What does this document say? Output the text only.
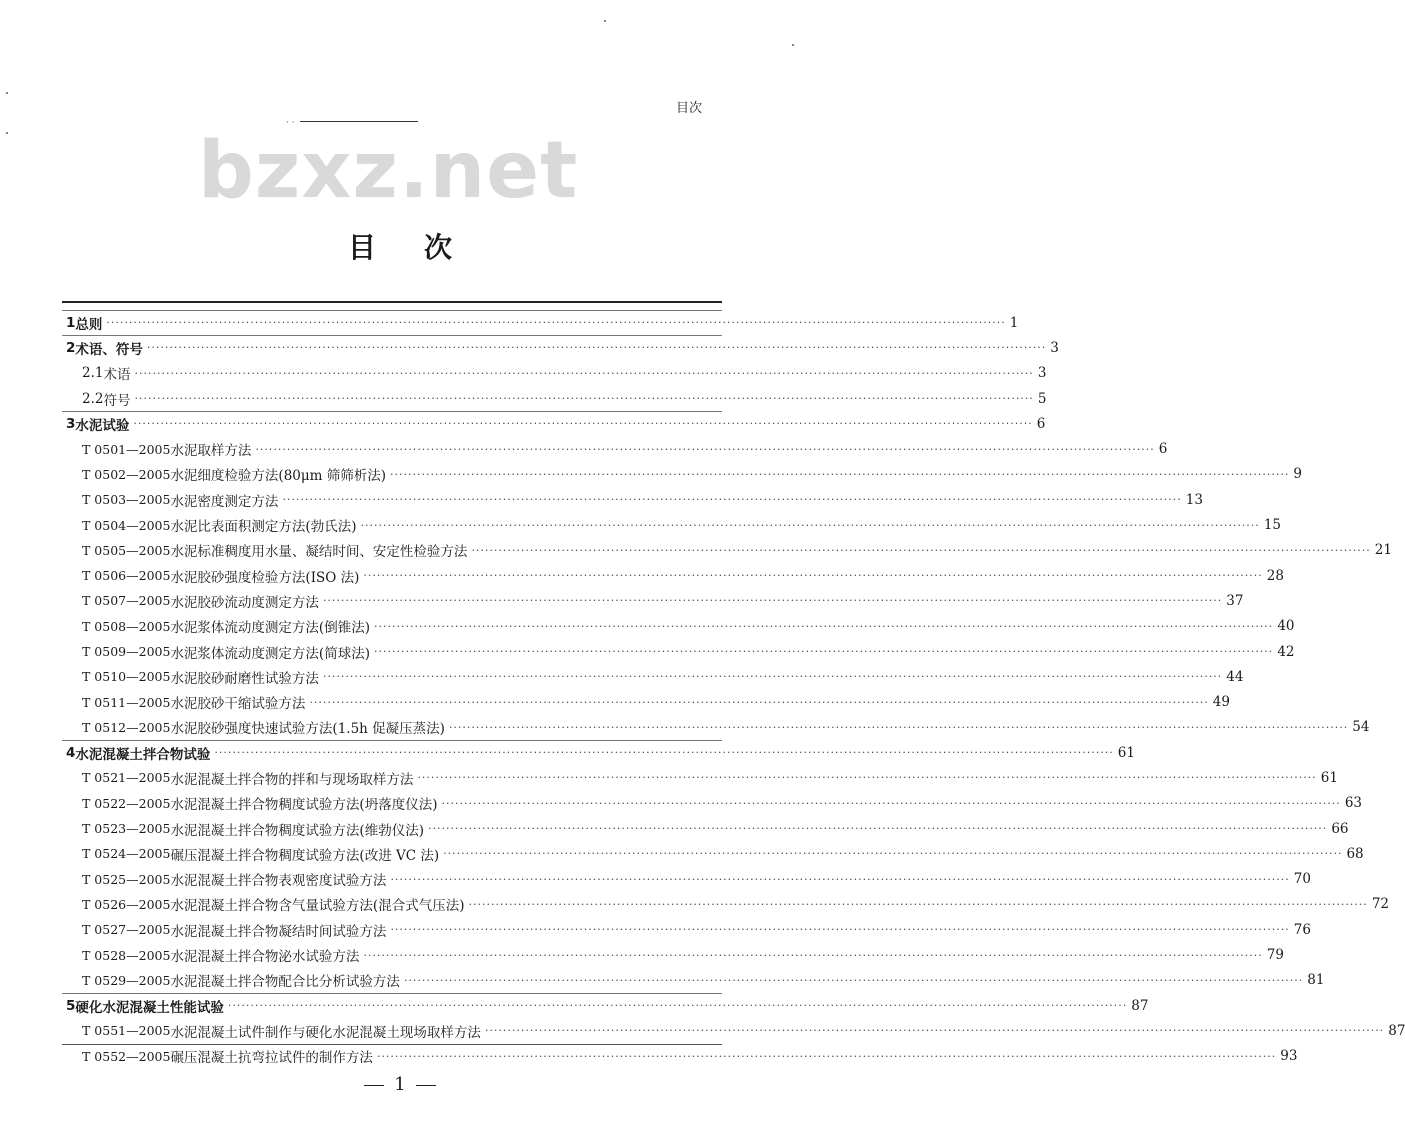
· ·
目次
bzxz.net
目次
1 总则 ········································································································································································································ 1
2 术语、符号 ········································································································································································································ 3
2.1 术语 ········································································································································································································ 3
2.2 符号 ········································································································································································································ 5
3 水泥试验 ········································································································································································································ 6
T 0501—2005 水泥取样方法 ········································································································································································································ 6
T 0502—2005 水泥细度检验方法(80μm 筛筛析法) ········································································································································································································ 9
T 0503—2005 水泥密度测定方法 ········································································································································································································ 13
T 0504—2005 水泥比表面积测定方法(勃氏法) ········································································································································································································ 15
T 0505—2005 水泥标准稠度用水量、凝结时间、安定性检验方法 ········································································································································································································ 21
T 0506—2005 水泥胶砂强度检验方法(ISO 法) ········································································································································································································ 28
T 0507—2005 水泥胶砂流动度测定方法 ········································································································································································································ 37
T 0508—2005 水泥浆体流动度测定方法(倒锥法) ········································································································································································································ 40
T 0509—2005 水泥浆体流动度测定方法(简球法) ········································································································································································································ 42
T 0510—2005 水泥胶砂耐磨性试验方法 ········································································································································································································ 44
T 0511—2005 水泥胶砂干缩试验方法 ········································································································································································································ 49
T 0512—2005 水泥胶砂强度快速试验方法(1.5h 促凝压蒸法) ········································································································································································································ 54
4 水泥混凝土拌合物试验 ········································································································································································································ 61
T 0521—2005 水泥混凝土拌合物的拌和与现场取样方法 ········································································································································································································ 61
T 0522—2005 水泥混凝土拌合物稠度试验方法(坍落度仪法) ········································································································································································································ 63
T 0523—2005 水泥混凝土拌合物稠度试验方法(维勃仪法) ········································································································································································································ 66
T 0524—2005 碾压混凝土拌合物稠度试验方法(改进 VC 法) ········································································································································································································ 68
T 0525—2005 水泥混凝土拌合物表观密度试验方法 ········································································································································································································ 70
T 0526—2005 水泥混凝土拌合物含气量试验方法(混合式气压法) ········································································································································································································ 72
T 0527—2005 水泥混凝土拌合物凝结时间试验方法 ········································································································································································································ 76
T 0528—2005 水泥混凝土拌合物泌水试验方法 ········································································································································································································ 79
T 0529—2005 水泥混凝土拌合物配合比分析试验方法 ········································································································································································································ 81
5 硬化水泥混凝土性能试验 ········································································································································································································ 87
T 0551—2005 水泥混凝土试件制作与硬化水泥混凝土现场取样方法 ········································································································································································································ 87
T 0552—2005 碾压混凝土抗弯拉试件的制作方法 ········································································································································································································ 93
1
